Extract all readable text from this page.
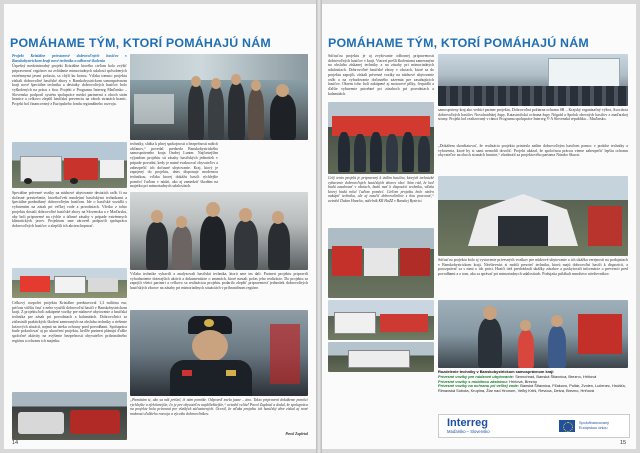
POMÁHAME TÝM, KTORÍ POMÁHAJÚ NÁM

Projekt Kríziálne priestorové dobrovoľných hasičov v Banskobystrickom kraji nové technika a odborné školenia

Úspešný medzinárodný projekt Kríziálne ktorého cieľom bolo zvýšiť pripravenosť regiónov na zvládanie mimoriadnych udalostí spôsobených extrémnymi javmi počasia, sa chýli ku koncu. Vďaka tomuto projektu získali dobrovoľné hasičské zbory v Banskobystrickom samosprávnom kraji nové špeciálne technika a desiatky dobrovoľných hasičov bolo vyškolených na prácu s ňou. Projekt z Programu Interreg Maďarsko – Slovensko podporil systém spolupráce medzi partnermi z oboch strán hranice a celkovo zlepšil hasičskú prevenciu na oboch stranách hraníc. Projekt bol financovaný z Európskeho fondu regionálneho rozvoja.

Špeciálne prívesné vozíky na núdzové ubytovanie desiatich osôb či na dočasné prestrešenie, ktorékoľvek mnohými hasičskými technikami a špeciálne prednášaný dobrovoľným hasičom. Ide o hasičské vozidlá s vybavením na zásah pri veľkej vode a povodniach. Všetko z tohto projektu dostali dobrovoľné hasičské zbory na Slovensku a v Maďarsku, aby boli pripravené na rýchle a účinné zásahy v prípade extrémnych klimatických javov. Projektom sme zároveň podporili spoluprácu dobrovoľných hasičov a zlepšili ich akcieschopnosť.
Celkový rozpočet projektu Kríziálne predstavoval 1,3 milióna eur, pričom väčšiu časť z neho využili dobrovoľní hasiči v Banskobystrickom kraji. Z projektu boli zakúpené vozíky pre núdzové ubytovanie a hasičská technika pre zásah pri povodniach a kalamitách. Dobrovoľníci sa zúčastnili praktických školení zameraných na obsluhu techniky a riešenie krízových situácií, najmä na úseku ochrany pred povodňami. Spolupráca bude pokračovať aj po ukončení projektu, keďže partneri plánujú ďalšie spoločné aktivity na zvýšenie bezpečnosti obyvateľov prihraničného regiónu a ochranu ich majetku.
techniky, slúžia k plnej spokojnosti a bezpečnosti našich občanov,“ povedal predseda Banskobystrického samosprávneho kraja Ondrej Lunter. Najčastejším výjazdom projektu sú zásahy hasičských jednotiek v prípade povodní, kedy je nutné evakuovať obyvateľov a zabezpečiť ich dočasné ubytovanie. Kraj, ktorý je zapojený do projektu, dnes disponuje modernou technikou, vďaka ktorej dokážu hasiči rýchlejšie pomôcť ľuďom v núdzi, ako aj zamedziť škodám na majetku pri mimoriadnych udalostiach.
Vďaka technike vybavili a analyzovali hasičskú technika, ktorú sme im dali. Partneri projektu pripravili vyhodnotenie doterajších aktivít a dokumentácie o zmenách, ktoré nastali počas jeho realizácie. Do projektu sa zapojili všetci partneri a celkovo sa realizáciou projektu podarilo zlepšiť pripravenosť jednotiek dobrovoľných hasičských zborov na zásahy pri mimoriadnych situáciách v prihraničnom regióne.
„Pamätám si, ako sa náš prišiel, či nám pomôže. Odpoveď znela jasne – áno. Takto pripravení dokážeme pomôcť rýchlejšie a efektívnejšie, čo je pre obyvateľov najdôležitejšie,“ uviedol veliteľ Pavol Zapletal a dodal, že spolupráca na projekte bola prínosná pre všetkých zúčastnených. Ocenil, že vďaka projektu ich hasičský zbor získal aj nové možnosti ďalšieho rozvoja a výcviku dobrovoľníkov.
Pavol Zapletal
14
POMÁHAME TÝM, KTORÍ POMÁHAJÚ NÁM
Súčasťou projektu je aj zvyšovanie odbornej pripravenosti dobrovoľných hasičov v kraji. Viacerí prešli školeniami zameraným na obsluhu získanej techniky a na zásahy pri mimoriadnych udalostiach. Dobrovoľné hasičské zbory v obciach, ktoré sa do projektu zapojili, získali prívesné vozíky na núdzové ubytovanie osôb a na vybudovanie dočasného zázemia pre zasahujúcich hasičov. Okrem toho boli zakúpené aj motorové pílky, čerpadlá a ďalšie vybavenie potrebné pri zásahoch pri povodniach a kalamitách.
samosprávny kraj ako vedúci partner projektu, Dobrovoľná požiarna ochrana SR – Krajský organizačný výbor, Asociácia dobrovoľných hasičov Novohradskej župy, Katastrofická ochrana župy Nógrád a Spolok obecných hasičov z maďarskej strany. Projekt bol realizovaný v rámci Programu spolupráce Interreg V-A Slovenská republika – Maďarsko.
„Dokážem skonštatovať, že realizácia projektu priniesla naším dobrovoľným hasičom pomoc v podobe techniky a vybavenia, ktoré by si sami nemohli dovoliť. Projekt ukázal, že spoločnou prácou vieme zabezpečiť lepšiu ochranu obyvateľov na oboch stranách hranice,“ zhodnotil za projektového partnera Nándor Skucsi.
Celý tento projekt je pripravený k úsilím hasičov, ktorých technické vybavenie dobrovoľných hasičských zborov obcí. Súm rád, že keď budú zasahovať v obciach, budú mať k dispozícii techniku, vďaka ktorej budú môcť ľuďom pomôcť. Cieľom projektu bolo nielen nakúpiť techniku, ale aj naučiť dobrovoľníkov s ňou pracovať,“ uviedol Dušan Hancko, náčelník KR HaZZ v Banskej Bystrici.
Súčasťou projektu bolo aj vystavenie prívesných vozíkov pre núdzové ubytovanie a ich ukážka verejnosti na podujatiach v Banskobystrickom kraji. Návštevníci si mohli prezrieť techniku, ktorú majú dobrovoľní hasiči k dispozícii, a porozprávať sa s nimi o ich práci. Hasiči tiež predvádzali ukážky zásahov a poskytovali informácie o prevencii pred povodňami a o tom, ako sa správať pri mimoriadnych udalostiach. Podujatia prilákali množstvo návštevníkov.
Rozdelenie techniky v Banskobystrickom samosprávnom kraji
Prívesné vozíky pre núdzové ubytovanie: Sennohrad, Banská Štiavnica, Brezno, Hriňová
Prívesné vozíky s mobilnou zástavou: Hriňová, Brezno
Prívesné vozíky na ochranu pri veľkej vode: Banská Štiavnica, Fiľakovo, Poltár, Zvolen, Lučenec, Hnúšťa, Rimavská Sobota, Krupina, Žiar nad Hronom, Veľký Krtíš, Revúca, Detva, Brezno, Hriňová
Interreg
Maďarsko – Slovensko
Spolufinancovaný Európskou úniou
15
